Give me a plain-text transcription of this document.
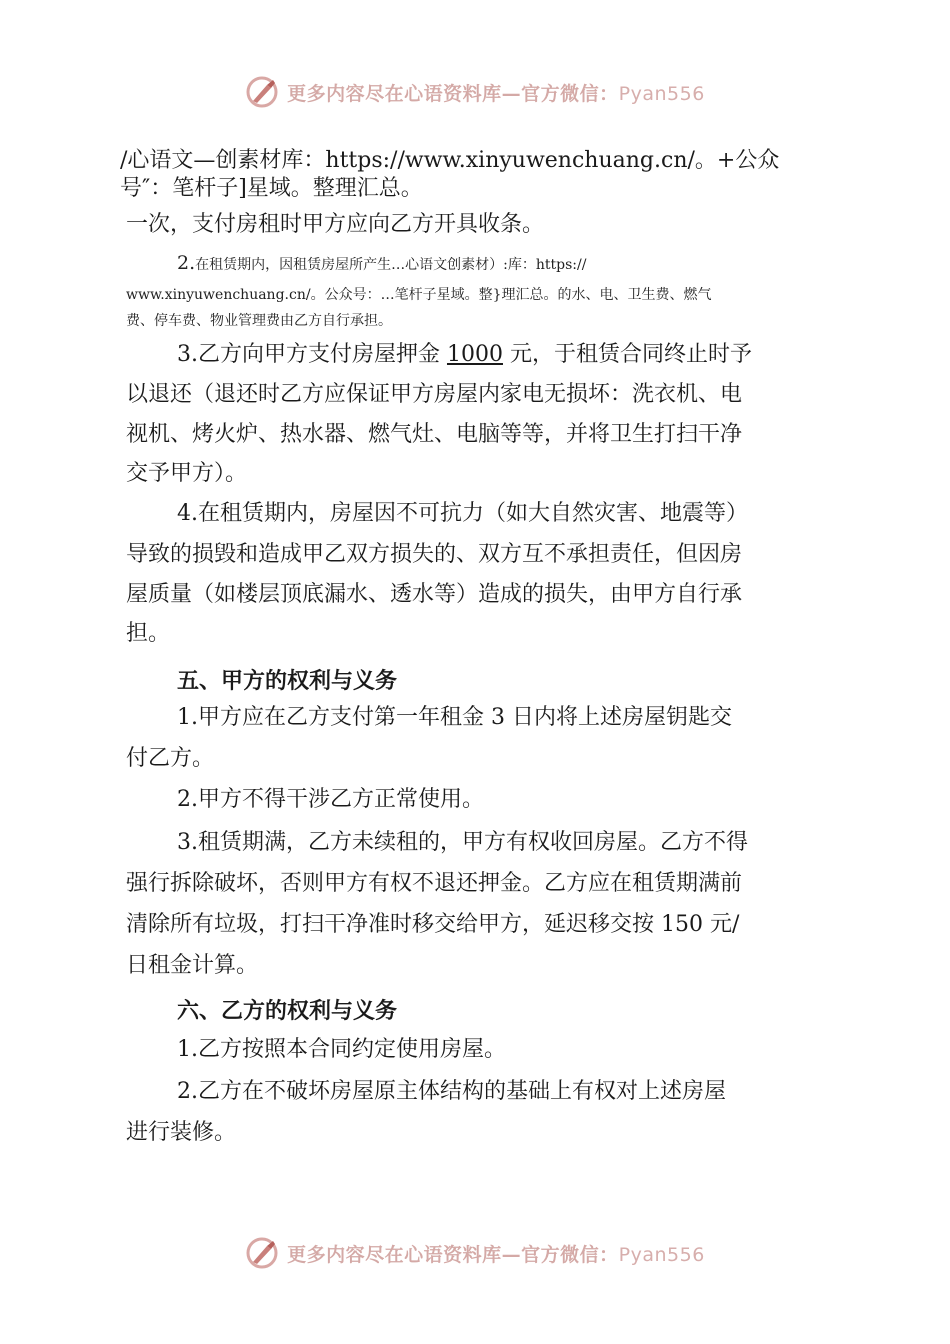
更多内容尽在心语资料库—官方微信：Pyan556
/心语文—创素材库：https://www.xinyuwenchuang.cn/。+公众
号″：笔杆子]星域。整理汇总。
一次，支付房租时甲方应向乙方开具收条。
2.在租赁期内，因租赁房屋所产生…心语文创素材）:库：https://
www.xinyuwenchuang.cn/。公众号：…笔杆子星域。整}理汇总。的水、电、卫生费、燃气
费、停车费、物业管理费由乙方自行承担。
3.乙方向甲方支付房屋押金 1000 元，于租赁合同终止时予
以退还（退还时乙方应保证甲方房屋内家电无损坏：洗衣机、电
视机、烤火炉、热水器、燃气灶、电脑等等，并将卫生打扫干净
交予甲方）。
4.在租赁期内，房屋因不可抗力（如大自然灾害、地震等）
导致的损毁和造成甲乙双方损失的、双方互不承担责任，但因房
屋质量（如楼层顶底漏水、透水等）造成的损失，由甲方自行承
担。
五、甲方的权利与义务
1.甲方应在乙方支付第一年租金 3 日内将上述房屋钥匙交
付乙方。
2.甲方不得干涉乙方正常使用。
3.租赁期满，乙方未续租的，甲方有权收回房屋。乙方不得
强行拆除破坏，否则甲方有权不退还押金。乙方应在租赁期满前
清除所有垃圾，打扫干净准时移交给甲方，延迟移交按 150 元/
日租金计算。
六、乙方的权利与义务
1.乙方按照本合同约定使用房屋。
2.乙方在不破坏房屋原主体结构的基础上有权对上述房屋
进行装修。
更多内容尽在心语资料库—官方微信：Pyan556
